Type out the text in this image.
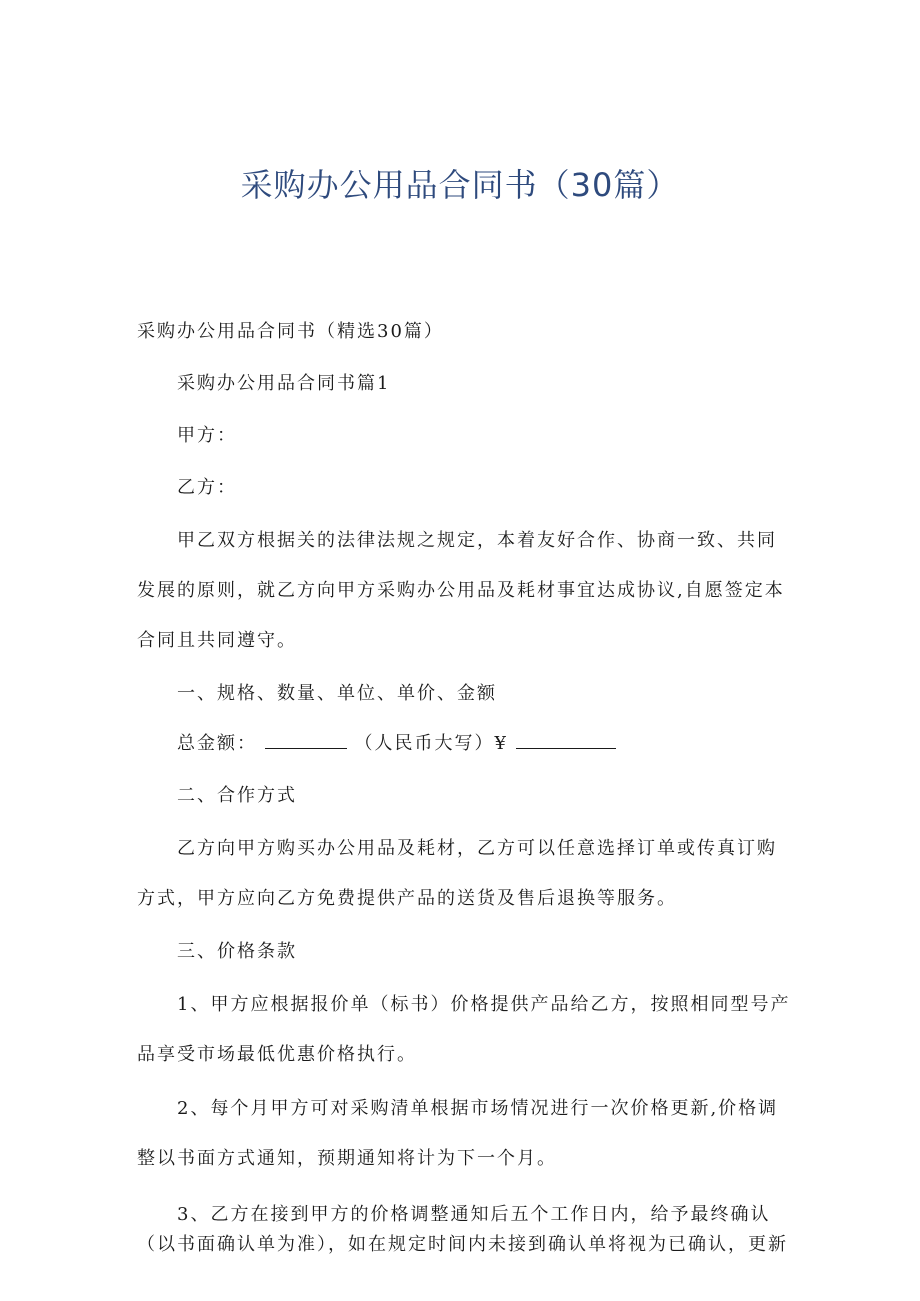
采购办公用品合同书（30篇）

采购办公用品合同书（精选30篇）

采购办公用品合同书篇1

甲方：

乙方：

甲乙双方根据关的法律法规之规定，本着友好合作、协商一致、共同发展的原则，就乙方向甲方采购办公用品及耗材事宜达成协议,自愿签定本合同且共同遵守。

一、规格、数量、单位、单价、金额

总金额：	（人民币大写）¥

二、合作方式

乙方向甲方购买办公用品及耗材，乙方可以任意选择订单或传真订购方式，甲方应向乙方免费提供产品的送货及售后退换等服务。

三、价格条款

1、甲方应根据报价单（标书）价格提供产品给乙方，按照相同型号产品享受市场最低优惠价格执行。

2、每个月甲方可对采购清单根据市场情况进行一次价格更新,价格调整以书面方式通知，预期通知将计为下一个月。

3、乙方在接到甲方的价格调整通知后五个工作日内，给予最终确认（以书面确认单为准），如在规定时间内未接到确认单将视为已确认，更新
